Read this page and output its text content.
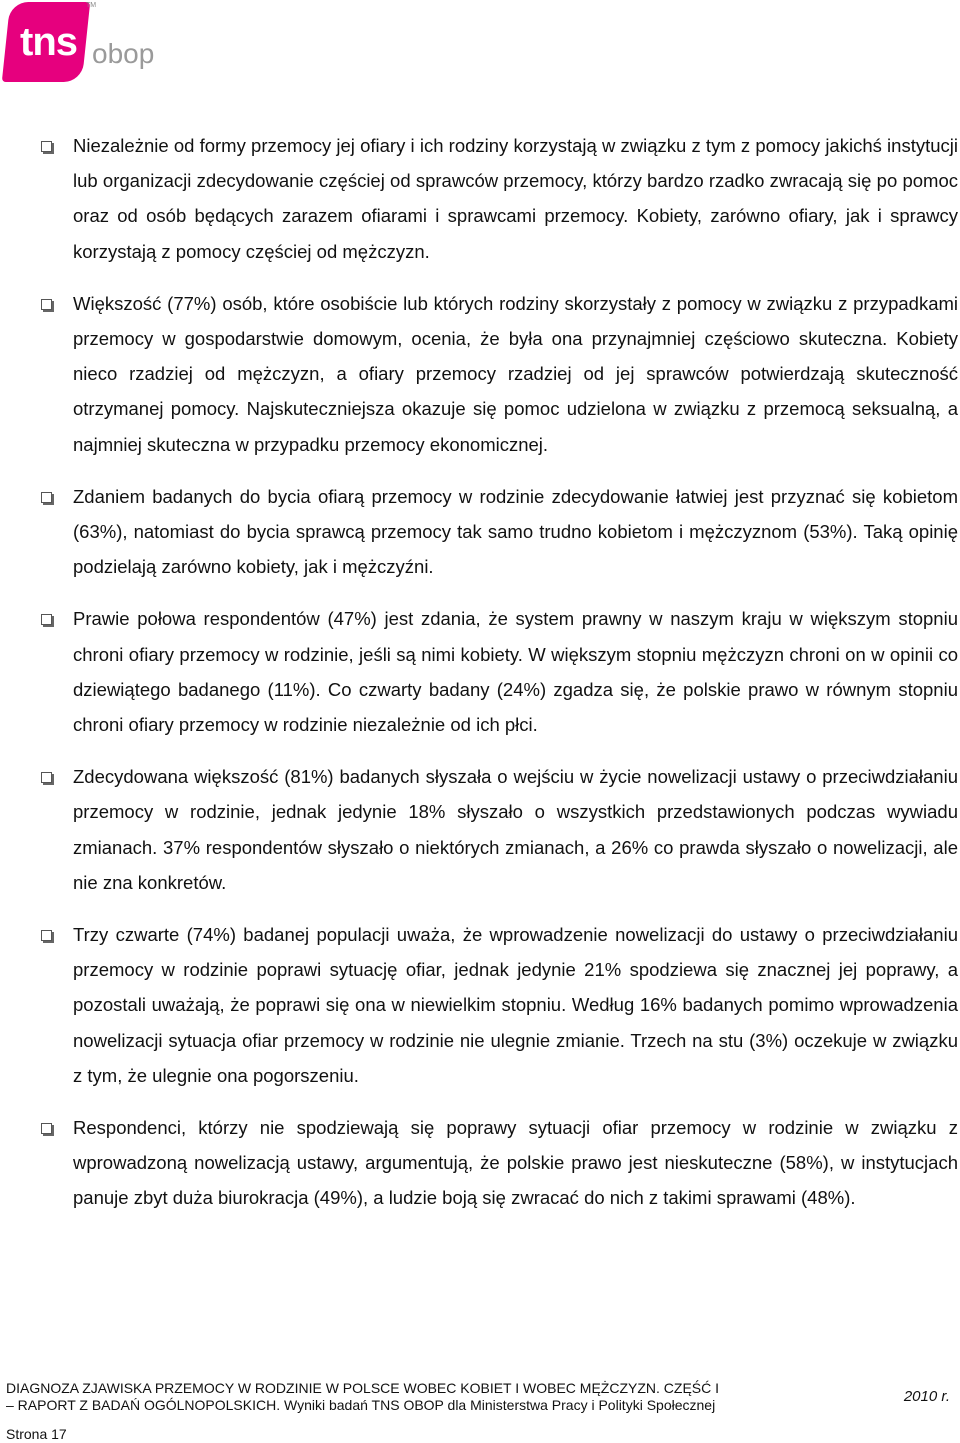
tns
TM
obop
Niezależnie od formy przemocy jej ofiary i ich rodziny korzystają w związku z tym z pomocy jakichś instytucji lub organizacji zdecydowanie częściej od sprawców przemocy, którzy bardzo rzadko zwracają się po pomoc oraz od osób będących zarazem ofiarami i sprawcami przemocy. Kobiety, zarówno ofiary, jak i sprawcy korzystają z pomocy częściej od mężczyzn.
Większość (77%) osób, które osobiście lub których rodziny skorzystały z pomocy w związku z przypadkami przemocy w gospodarstwie domowym, ocenia, że była ona przynajmniej częściowo skuteczna. Kobiety nieco rzadziej od mężczyzn, a ofiary przemocy rzadziej od jej sprawców potwierdzają skuteczność otrzymanej pomocy. Najskuteczniejsza okazuje się pomoc udzielona w związku z przemocą seksualną, a najmniej skuteczna w przypadku przemocy ekonomicznej.
Zdaniem badanych do bycia ofiarą przemocy w rodzinie zdecydowanie łatwiej jest przyznać się kobietom (63%), natomiast do bycia sprawcą przemocy tak samo trudno kobietom i mężczyznom (53%). Taką opinię podzielają zarówno kobiety, jak i mężczyźni.
Prawie połowa respondentów (47%) jest zdania, że system prawny w naszym kraju w większym stopniu chroni ofiary przemocy w rodzinie, jeśli są nimi kobiety. W większym stopniu mężczyzn chroni on w opinii co dziewiątego badanego (11%). Co czwarty badany (24%) zgadza się, że polskie prawo w równym stopniu chroni ofiary przemocy w rodzinie niezależnie od ich płci.
Zdecydowana większość (81%) badanych słyszała o wejściu w życie nowelizacji ustawy o przeciwdziałaniu przemocy w rodzinie, jednak jedynie 18% słyszało o wszystkich przedstawionych podczas wywiadu zmianach. 37% respondentów słyszało o niektórych zmianach, a 26% co prawda słyszało o nowelizacji, ale nie zna konkretów.
Trzy czwarte (74%) badanej populacji uważa, że wprowadzenie nowelizacji do ustawy o przeciwdziałaniu przemocy w rodzinie poprawi sytuację ofiar, jednak jedynie 21% spodziewa się znacznej jej poprawy, a pozostali uważają, że poprawi się ona w niewielkim stopniu. Według 16% badanych pomimo wprowadzenia nowelizacji sytuacja ofiar przemocy w rodzinie nie ulegnie zmianie. Trzech na stu (3%) oczekuje w związku z tym, że ulegnie ona pogorszeniu.
Respondenci, którzy nie spodziewają się poprawy sytuacji ofiar przemocy w rodzinie w związku z wprowadzoną nowelizacją ustawy, argumentują, że polskie prawo jest nieskuteczne (58%), w instytucjach panuje zbyt duża biurokracja (49%), a ludzie boją się zwracać do nich z takimi sprawami (48%).
DIAGNOZA ZJAWISKA PRZEMOCY W RODZINIE W POLSCE WOBEC KOBIET I WOBEC MĘŻCZYZN. CZĘŚĆ I
– RAPORT Z BADAŃ OGÓLNOPOLSKICH. Wyniki badań TNS OBOP dla Ministerstwa Pracy i Polityki Społecznej	2010 r.
Strona 17
